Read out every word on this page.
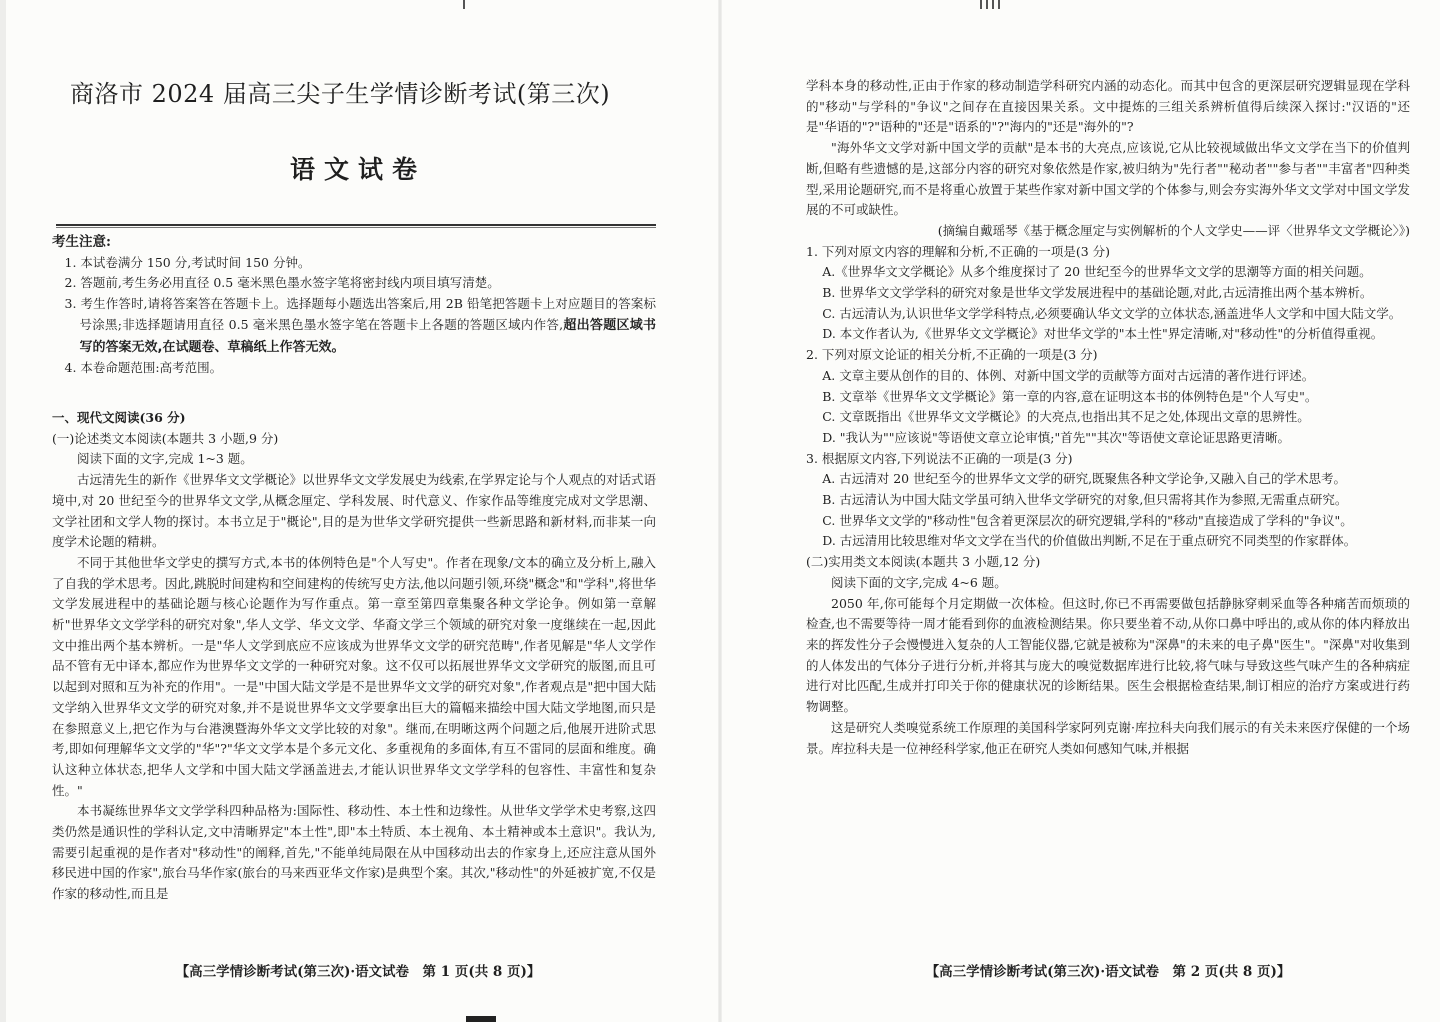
商洛市 2024 届高三尖子生学情诊断考试(第三次)
语文试卷

考生注意:

1. 本试卷满分 150 分,考试时间 150 分钟。

2. 答题前,考生务必用直径 0.5 毫米黑色墨水签字笔将密封线内项目填写清楚。

3. 考生作答时,请将答案答在答题卡上。选择题每小题选出答案后,用 2B 铅笔把答题卡上对应题目的答案标号涂黑;非选择题请用直径 0.5 毫米黑色墨水签字笔在答题卡上各题的答题区域内作答,超出答题区域书写的答案无效,在试题卷、草稿纸上作答无效。

4. 本卷命题范围:高考范围。

一、现代文阅读(36 分)

(一)论述类文本阅读(本题共 3 小题,9 分)

阅读下面的文字,完成 1~3 题。

古远清先生的新作《世界华文文学概论》以世界华文文学发展史为线索,在学界定论与个人观点的对话式语境中,对 20 世纪至今的世界华文文学,从概念厘定、学科发展、时代意义、作家作品等维度完成对文学思潮、文学社团和文学人物的探讨。本书立足于"概论",目的是为世华文学研究提供一些新思路和新材料,而非某一向度学术论题的精耕。

不同于其他世华文学史的撰写方式,本书的体例特色是"个人写史"。作者在现象/文本的确立及分析上,融入了自我的学术思考。因此,跳脱时间建构和空间建构的传统写史方法,他以问题引领,环绕"概念"和"学科",将世华文学发展进程中的基础论题与核心论题作为写作重点。第一章至第四章集聚各种文学论争。例如第一章解析"世界华文文学学科的研究对象",华人文学、华文文学、华裔文学三个领域的研究对象一度继续在一起,因此文中推出两个基本辨析。一是"华人文学到底应不应该成为世界华文文学的研究范畴",作者见解是"华人文学作品不管有无中译本,都应作为世界华文文学的一种研究对象。这不仅可以拓展世界华文文学研究的版图,而且可以起到对照和互为补充的作用"。一是"中国大陆文学是不是世界华文文学的研究对象",作者观点是"把中国大陆文学纳入世界华文文学的研究对象,并不是说世界华文文学要拿出巨大的篇幅来描绘中国大陆文学地图,而只是在参照意义上,把它作为与台港澳暨海外华文文学比较的对象"。继而,在明晰这两个问题之后,他展开进阶式思考,即如何理解华文文学的"华"?"华文文学本是个多元文化、多重视角的多面体,有互不雷同的层面和维度。确认这种立体状态,把华人文学和中国大陆文学涵盖进去,才能认识世界华文文学学科的包容性、丰富性和复杂性。"

本书凝练世界华文文学学科四种品格为:国际性、移动性、本土性和边缘性。从世华文学学术史考察,这四类仍然是通识性的学科认定,文中清晰界定"本土性",即"本土特质、本土视角、本土精神或本土意识"。我认为,需要引起重视的是作者对"移动性"的阐释,首先,"不能单纯局限在从中国移动出去的作家身上,还应注意从国外移民进中国的作家",旅台马华作家(旅台的马来西亚华文作家)是典型个案。其次,"移动性"的外延被扩宽,不仅是作家的移动性,而且是

【高三学情诊断考试(第三次)·语文试卷　第 1 页(共 8 页)】

学科本身的移动性,正由于作家的移动制造学科研究内涵的动态化。而其中包含的更深层研究逻辑显现在学科的"移动"与学科的"争议"之间存在直接因果关系。文中提炼的三组关系辨析值得后续深入探讨:"汉语的"还是"华语的"?"语种的"还是"语系的"?"海内的"还是"海外的"?

"海外华文文学对新中国文学的贡献"是本书的大亮点,应该说,它从比较视域做出华文文学在当下的价值判断,但略有些遗憾的是,这部分内容的研究对象依然是作家,被归纳为"先行者""秘动者""参与者""丰富者"四种类型,采用论题研究,而不是将重心放置于某些作家对新中国文学的个体参与,则会夯实海外华文文学对中国文学发展的不可或缺性。

(摘编自戴瑶琴《基于概念厘定与实例解析的个人文学史——评〈世界华文文学概论〉》)

1. 下列对原文内容的理解和分析,不正确的一项是(3 分)

A.《世界华文文学概论》从多个维度探讨了 20 世纪至今的世界华文文学的思潮等方面的相关问题。

B. 世界华文文学学科的研究对象是世华文学发展进程中的基础论题,对此,古远清推出两个基本辨析。

C. 古远清认为,认识世华文学学科特点,必须要确认华文文学的立体状态,涵盖进华人文学和中国大陆文学。

D. 本文作者认为,《世界华文文学概论》对世华文学的"本土性"界定清晰,对"移动性"的分析值得重视。

2. 下列对原文论证的相关分析,不正确的一项是(3 分)

A. 文章主要从创作的目的、体例、对新中国文学的贡献等方面对古远清的著作进行评述。

B. 文章举《世界华文文学概论》第一章的内容,意在证明这本书的体例特色是"个人写史"。

C. 文章既指出《世界华文文学概论》的大亮点,也指出其不足之处,体现出文章的思辨性。

D. "我认为""应该说"等语使文章立论审慎;"首先""其次"等语使文章论证思路更清晰。

3. 根据原文内容,下列说法不正确的一项是(3 分)

A. 古远清对 20 世纪至今的世界华文文学的研究,既聚焦各种文学论争,又融入自己的学术思考。

B. 古远清认为中国大陆文学虽可纳入世华文学研究的对象,但只需将其作为参照,无需重点研究。

C. 世界华文文学的"移动性"包含着更深层次的研究逻辑,学科的"移动"直接造成了学科的"争议"。

D. 古远清用比较思维对华文文学在当代的价值做出判断,不足在于重点研究不同类型的作家群体。

(二)实用类文本阅读(本题共 3 小题,12 分)

阅读下面的文字,完成 4~6 题。

2050 年,你可能每个月定期做一次体检。但这时,你已不再需要做包括静脉穿刺采血等各种痛苦而烦琐的检查,也不需要等待一周才能看到你的血液检测结果。你只要坐着不动,从你口鼻中呼出的,或从你的体内释放出来的挥发性分子会慢慢进入复杂的人工智能仪器,它就是被称为"深鼻"的未来的电子鼻"医生"。"深鼻"对收集到的人体发出的气体分子进行分析,并将其与庞大的嗅觉数据库进行比较,将气味与导致这些气味产生的各种病症进行对比匹配,生成并打印关于你的健康状况的诊断结果。医生会根据检查结果,制订相应的治疗方案或进行药物调整。

这是研究人类嗅觉系统工作原理的美国科学家阿列克谢·库拉科夫向我们展示的有关未来医疗保健的一个场景。库拉科夫是一位神经科学家,他正在研究人类如何感知气味,并根据

【高三学情诊断考试(第三次)·语文试卷　第 2 页(共 8 页)】
